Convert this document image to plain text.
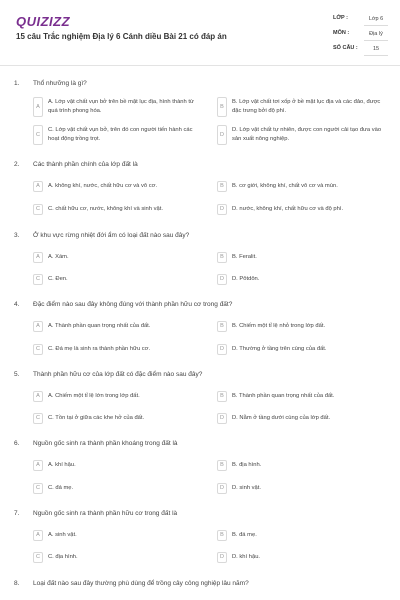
QUIZIZZ
15 câu Trắc nghiệm Địa lý 6 Cánh diều Bài 21 có đáp án
LỚP :	Lớp 6
MÔN :	Địa lý
SỐ CÂU :	15
1. Thổ nhưỡng là gì?
A
A. Lớp vật chất vụn bở trên bề mặt lục địa, hình thành từ quá trình phong hóa.
B
B. Lớp vật chất tơi xốp ở bề mặt lục địa và các đảo, được đặc trưng bởi độ phì.
C
C. Lớp vật chất vụn bở, trên đó con người tiến hành các hoạt động trồng trọt.
D
D. Lớp vật chất tự nhiên, được con người cải tạo đưa vào sản xuất nông nghiệp.
2. Các thành phần chính của lớp đất là
A	A. không khí, nước, chất hữu cơ và vô cơ.	B	B. cơ giới, không khí, chất vô cơ và mùn.
C	C. chất hữu cơ, nước, không khí và sinh vật.	D	D. nước, không khí, chất hữu cơ và độ phì.
3. Ở khu vực rừng nhiệt đới ẩm có loại đất nào sau đây?
A	A. Xám.	B	B. Feralit.
C	C. Đen.	D	D. Pôtdôn.
4. Đặc điểm nào sau đây không đúng với thành phần hữu cơ trong đất?
A	A. Thành phần quan trọng nhất của đất.	B	B. Chiếm một tỉ lệ nhỏ trong lớp đất.
C	C. Đá mẹ là sinh ra thành phần hữu cơ.	D	D. Thường ở tầng trên cùng của đất.
5. Thành phần hữu cơ của lớp đất có đặc điểm nào sau đây?
A	A. Chiếm một tỉ lệ lớn trong lớp đất.	B	B. Thành phần quan trọng nhất của đất.
C	C. Tồn tại ở giữa các khe hở của đất.	D	D. Nằm ở tầng dưới cùng của lớp đất.
6. Nguồn gốc sinh ra thành phần khoáng trong đất là
A	A. khí hậu.	B	B. địa hình.
C	C. đá mẹ.	D	D. sinh vật.
7. Nguồn gốc sinh ra thành phần hữu cơ trong đất là
A	A. sinh vật.	B	B. đá mẹ.
C	C. địa hình.	D	D. khí hậu.
8. Loại đất nào sau đây thường phù dùng để trồng cây công nghiệp lâu năm?
